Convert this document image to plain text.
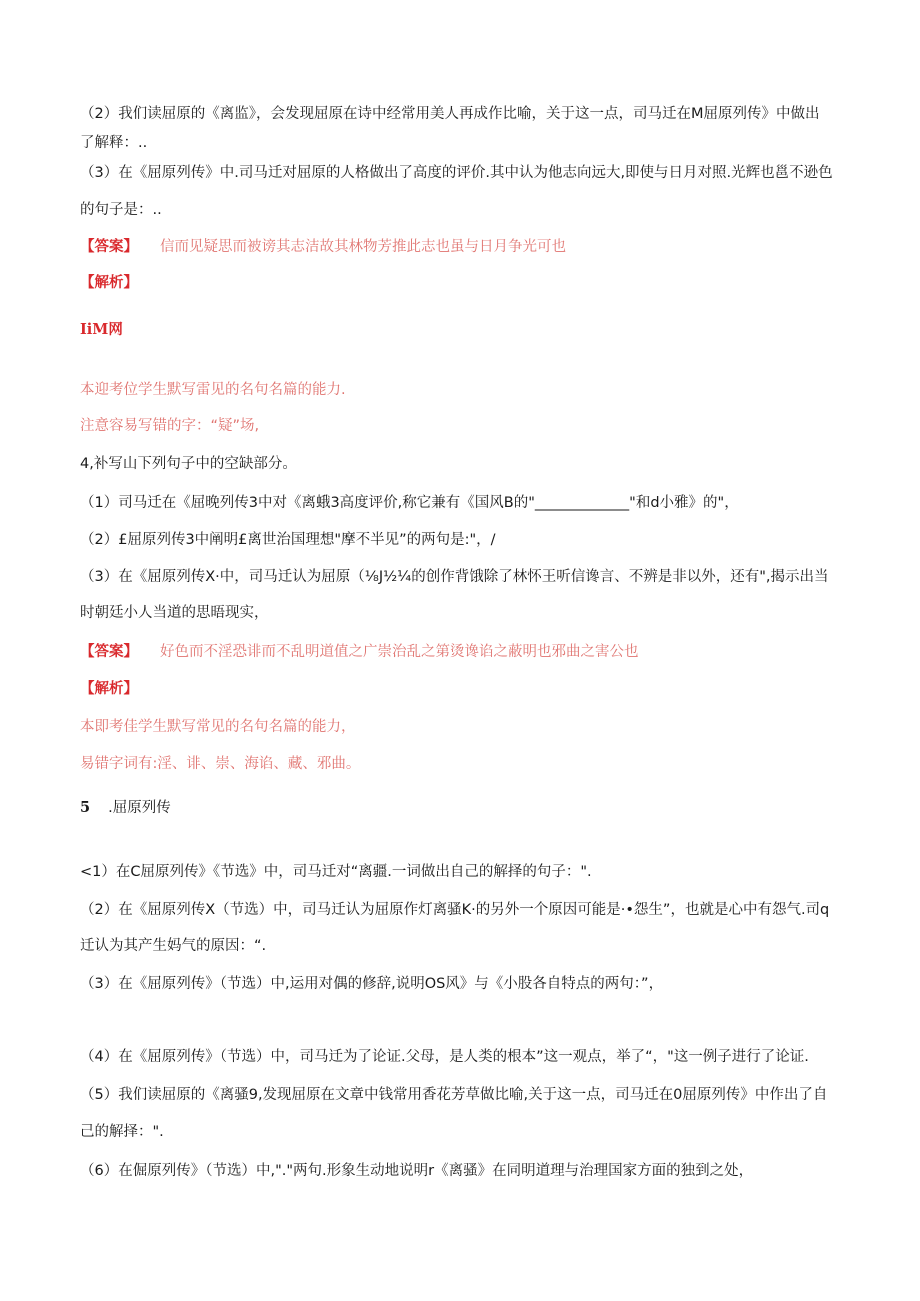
（2）我们读屈原的《离监》，会发现屈原在诗中经常用美人再成作比喻，关于这一点，司马迁在M屈原列传》中做出
了解释：..
（3）在《屈原列传》中.司马迁对屈原的人格做出了高度的评价.其中认为他志向远大,即使与日月对照.光辉也邕不逊色
的句子是：..
【答案】 信而见疑思而被谤其志洁故其林物芳推此志也虽与日月争光可也
【解析】
IiM网
本迎考位学生默写雷见的名句名篇的能力.
注意容易写错的字：“疑”场,
4,补写山下列句子中的空缺部分。
（1）司马迁在《屈晚列传3中对《离蛾3高度评价,称它兼有《国风B的"_____________"和d小雅》的"，
（2）£屈原列传3中阐明£离世治国理想"摩不半见”的两句是:"，/
（3）在《屈原列传X·中，司马迁认为屈原（⅛J½¼的创作背饿除了林怀王听信谗言、不辨是非以外，还有",揭示出当
时朝廷小人当道的思晤现实，
【答案】 好色而不淫恐诽而不乱明道值之广崇治乱之第烫谗谄之蔽明也邪曲之害公也
【解析】
本即考佳学生默写常见的名句名篇的能力，
易错字词有:淫、诽、崇、海谄、藏、邪曲。
5 .屈原列传
<1）在C屈原列传》《节选》中，司马迁对“离疆.一词做出自己的解择的句子：".
（2）在《屈原列传X（节选）中，司马迁认为屈原作灯离骚K·的另外一个原因可能是·•怨生”，也就是心中有怨气.司q
迁认为其产生妈气的原因：“.
（3）在《屈原列传》（节选）中,运用对偶的修辞,说明OS风》与《小股各自特点的两句：”，
（4）在《屈原列传》（节选）中，司马迁为了论证.父母，是人类的根本”这一观点，举了“，"这一例子进行了论证.
（5）我们读屈原的《离骚9,发现屈原在文章中钱常用香花芳草做比喻,关于这一点，司马迁在0屈原列传》中作出了自
己的解择：".
（6）在倔原列传》（节选）中,"."两句.形象生动地说明r《离骚》在同明道理与治理国家方面的独到之处，
